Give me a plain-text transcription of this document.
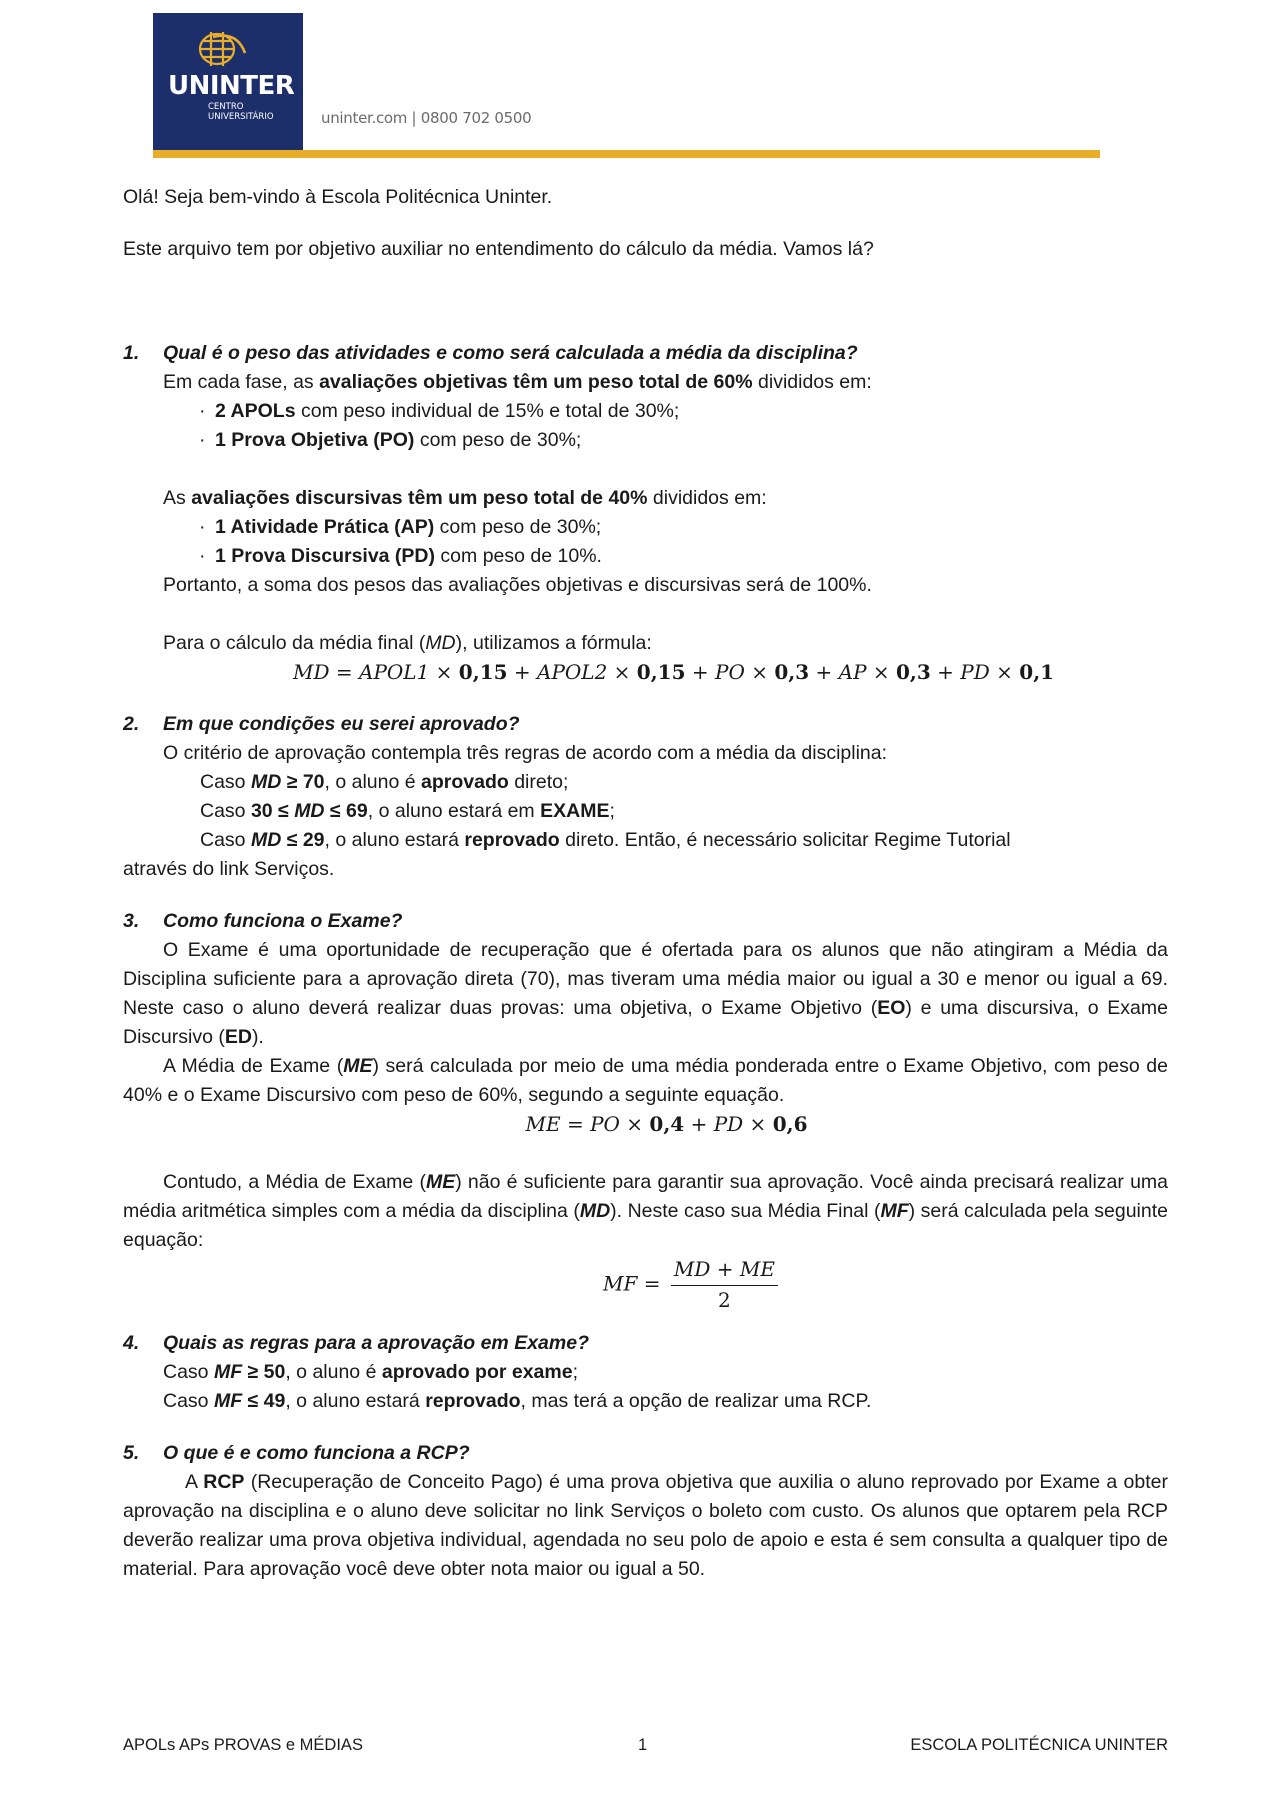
UNINTER
CENTRO
UNIVERSITÁRIO	uninter.com | 0800 702 0500

Olá! Seja bem-vindo à Escola Politécnica Uninter.

Este arquivo tem por objetivo auxiliar no entendimento do cálculo da média. Vamos lá?

1. Qual é o peso das atividades e como será calculada a média da disciplina?

Em cada fase, as avaliações objetivas têm um peso total de 60% divididos em:

· 2 APOLs com peso individual de 15% e total de 30%;

· 1 Prova Objetiva (PO) com peso de 30%;

As avaliações discursivas têm um peso total de 40% divididos em:

· 1 Atividade Prática (AP) com peso de 30%;

· 1 Prova Discursiva (PD) com peso de 10%.

Portanto, a soma dos pesos das avaliações objetivas e discursivas será de 100%.

Para o cálculo da média final (MD), utilizamos a fórmula:

MD = APOL1 × 0,15 + APOL2 × 0,15 + PO × 0,3 + AP × 0,3 + PD × 0,1

2. Em que condições eu serei aprovado?

O critério de aprovação contempla três regras de acordo com a média da disciplina:

Caso MD ≥ 70, o aluno é aprovado direto;

Caso 30 ≤ MD ≤ 69, o aluno estará em EXAME;

Caso MD ≤ 29, o aluno estará reprovado direto. Então, é necessário solicitar Regime Tutorial

através do link Serviços.

3. Como funciona o Exame?

O Exame é uma oportunidade de recuperação que é ofertada para os alunos que não atingiram a Média da Disciplina suficiente para a aprovação direta (70), mas tiveram uma média maior ou igual a 30 e menor ou igual a 69. Neste caso o aluno deverá realizar duas provas: uma objetiva, o Exame Objetivo (EO) e uma discursiva, o Exame Discursivo (ED).

A Média de Exame (ME) será calculada por meio de uma média ponderada entre o Exame Objetivo, com peso de 40% e o Exame Discursivo com peso de 60%, segundo a seguinte equação.

ME = PO × 0,4 + PD × 0,6

Contudo, a Média de Exame (ME) não é suficiente para garantir sua aprovação. Você ainda precisará realizar uma média aritmética simples com a média da disciplina (MD). Neste caso sua Média Final (MF) será calculada pela seguinte equação:

MF = $\frac{MD + ME}{2}$

4. Quais as regras para a aprovação em Exame?

Caso MF ≥ 50, o aluno é aprovado por exame;

Caso MF ≤ 49, o aluno estará reprovado, mas terá a opção de realizar uma RCP.

5. O que é e como funciona a RCP?

A RCP (Recuperação de Conceito Pago) é uma prova objetiva que auxilia o aluno reprovado por Exame a obter aprovação na disciplina e o aluno deve solicitar no link Serviços o boleto com custo. Os alunos que optarem pela RCP deverão realizar uma prova objetiva individual, agendada no seu polo de apoio e esta é sem consulta a qualquer tipo de material. Para aprovação você deve obter nota maior ou igual a 50.

APOLs APs PROVAS e MÉDIAS	1	ESCOLA POLITÉCNICA UNINTER
